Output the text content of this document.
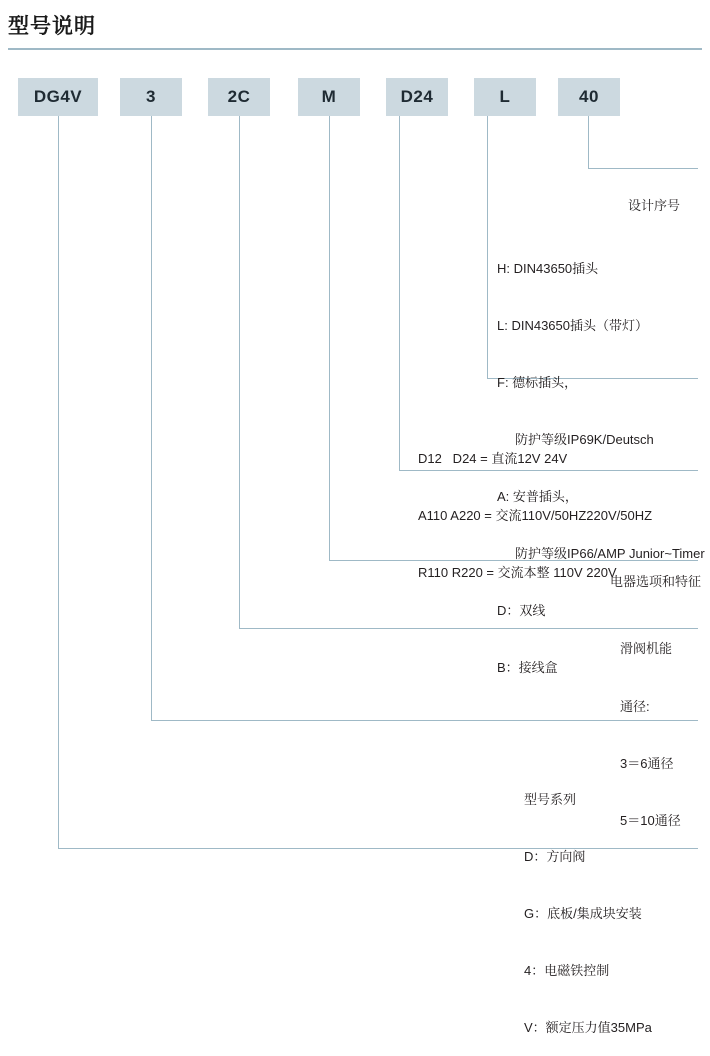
型号说明
DG4V	3	2C	M	D24	L	40

设计序号

H: DIN43650插头

L: DIN43650插头（带灯）

F: 德标插头，

防护等级IP69K/Deutsch

A: 安普插头，

防护等级IP66/AMP Junior~Timer

D：双线

B：接线盒

D12   D24 = 直流12V 24V

A110 A220 = 交流110V/50HZ220V/50HZ

R110 R220 = 交流本整 110V 220V

电器选项和特征

滑阀机能

通径:

3＝6通径

5＝10通径

型号系列

D：方向阀

G：底板/集成块安装

4：电磁铁控制

V：额定压力值35MPa
